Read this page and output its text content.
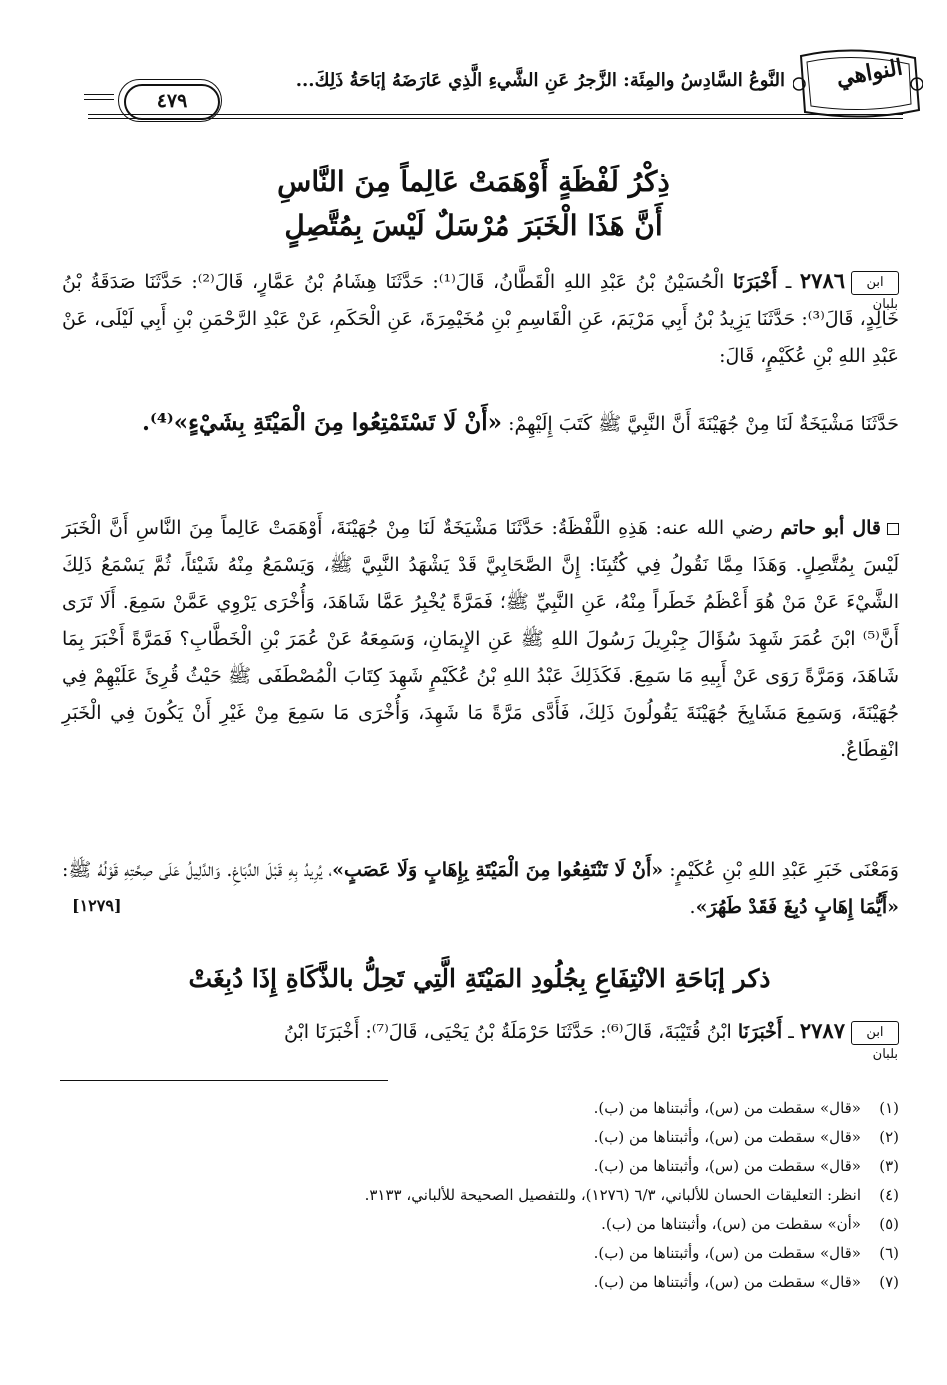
النواهي
النَّوعُ السَّادِسُ والمِئَة: الزَّجرُ عَنِ الشَّيءِ الَّذِي عَارَضَهُ إبَاحَةُ ذَلِكَ...
٤٧٩
ذِكْرُ لَفْظَةٍ أَوْهَمَتْ عَالِماً مِنَ النَّاسِ
أَنَّ هَذَا الْخَبَرَ مُرْسَلٌ لَيْسَ بِمُتَّصِلٍ
ابن بلبان٢٧٨٦ ـ أَخْبَرَنَا الْحُسَيْنُ بْنُ عَبْدِ اللهِ الْقَطَّانُ، قَالَ⁽¹⁾: حَدَّثَنَا هِشَامُ بْنُ عَمَّارٍ، قَالَ⁽²⁾: حَدَّثَنَا صَدَقَةُ بْنُ خَالِدٍ، قَالَ⁽³⁾: حَدَّثَنَا يَزِيدُ بْنُ أَبِي مَرْيَمَ، عَنِ الْقَاسِمِ بْنِ مُخَيْمِرَةَ، عَنِ الْحَكَمِ، عَنْ عَبْدِ الرَّحْمَنِ بْنِ أَبِي لَيْلَى، عَنْ عَبْدِ اللهِ بْنِ عُكَيْمٍ، قَالَ:
حَدَّثَنَا مَشْيَخَةٌ لَنَا مِنْ جُهَيْنَةَ أَنَّ النَّبِيَّ ﷺ كَتَبَ إِلَيْهِمْ: «أَنْ لَا تَسْتَمْتِعُوا مِنَ الْمَيْتَةِ بِشَيْءٍ»⁽⁴⁾.
قال أبو حاتم رضي الله عنه: هَذِهِ اللَّفْظَةُ: حَدَّثَنَا مَشْيَخَةٌ لَنَا مِنْ جُهَيْنَةَ، أَوْهَمَتْ عَالِماً مِنَ النَّاسِ أَنَّ الْخَبَرَ لَيْسَ بِمُتَّصِلٍ. وَهَذَا مِمَّا نَقُولُ فِي كُتُبِنَا: إِنَّ الصَّحَابِيَّ قَدْ يَشْهَدُ النَّبِيَّ ﷺ، وَيَسْمَعُ مِنْهُ شَيْئاً، ثُمَّ يَسْمَعُ ذَلِكَ الشَّيْءَ عَنْ مَنْ هُوَ أَعْظَمُ خَطَراً مِنْهُ، عَنِ النَّبِيِّ ﷺ؛ فَمَرَّةً يُخْبِرُ عَمَّا شَاهَدَ، وَأُخْرَى يَرْوِي عَمَّنْ سَمِعَ. أَلَا تَرَى أَنَّ⁽⁵⁾ ابْنَ عُمَرَ شَهِدَ سُؤَالَ جِبْرِيلَ رَسُولَ اللهِ ﷺ عَنِ الإِيمَانِ، وَسَمِعَهُ عَنْ عُمَرَ بْنِ الْخَطَّابِ؟ فَمَرَّةً أَخْبَرَ بِمَا شَاهَدَ، وَمَرَّةً رَوَى عَنْ أَبِيهِ مَا سَمِعَ. فَكَذَلِكَ عَبْدُ اللهِ بْنُ عُكَيْمٍ شَهِدَ كِتَابَ الْمُصْطَفَى ﷺ حَيْثُ قُرِئَ عَلَيْهِمْ فِي جُهَيْنَةَ، وَسَمِعَ مَشَايِخَ جُهَيْنَةَ يَقُولُونَ ذَلِكَ، فَأَدَّى مَرَّةً مَا شَهِدَ، وَأُخْرَى مَا سَمِعَ مِنْ غَيْرِ أَنْ يَكُونَ فِي الْخَبَرِ انْقِطَاعٌ.
وَمَعْنَى خَبَرِ عَبْدِ اللهِ بْنِ عُكَيْمٍ: «أَنْ لَا تَنْتَفِعُوا مِنَ الْمَيْتَةِ بِإِهَابٍ وَلَا عَصَبٍ»، يُرِيدُ بِهِ قَبْلَ الدِّبَاغِ. وَالدَّلِيلُ عَلَى صِحَّتِهِ قَوْلُهُ ﷺ: «أَيُّمَا إِهَابٍ دُبِغَ فَقَدْ طَهُرَ».
[١٢٧٩]
ذكر إبَاحَةِ الانْتِفَاعِ بِجُلُودِ المَيْتَةِ الَّتِي تَحِلُّ بالذَّكَاةِ إِذَا دُبِغَتْ
ابن بلبان٢٧٨٧ ـ أَخْبَرَنَا ابْنُ قُتَيْبَةَ، قَالَ⁽⁶⁾: حَدَّثَنَا حَرْمَلَةُ بْنُ يَحْيَى، قَالَ⁽⁷⁾: أَخْبَرَنَا ابْنُ
(١)«قال» سقطت من (س)، وأثبتناها من (ب).
(٢)«قال» سقطت من (س)، وأثبتناها من (ب).
(٣)«قال» سقطت من (س)، وأثبتناها من (ب).
(٤)انظر: التعليقات الحسان للألباني، ٦/٣ (١٢٧٦)، وللتفصيل الصحيحة للألباني، ٣١٣٣.
(٥)«أن» سقطت من (س)، وأثبتناها من (ب).
(٦)«قال» سقطت من (س)، وأثبتناها من (ب).
(٧)«قال» سقطت من (س)، وأثبتناها من (ب).
